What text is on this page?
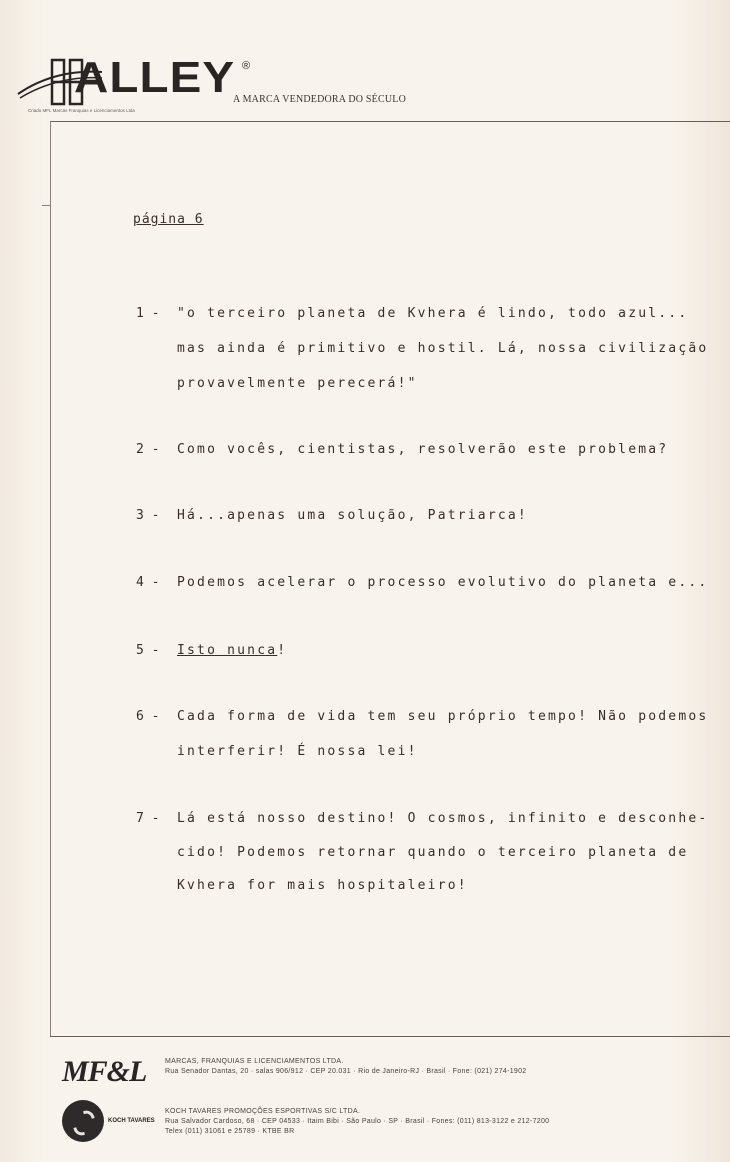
ALLEY ®
A MARCA VENDEDORA DO SÉCULO
Criado MFL Marcas Franquias e Licenciamentos Ltda
página 6
1 - "o terceiro planeta de Kvhera é lindo, todo azul...
mas ainda é primitivo e hostil. Lá, nossa civilização
provavelmente perecerá!"
2 - Como vocês, cientistas, resolverão este problema?
3 - Há...apenas uma solução, Patriarca!
4 - Podemos acelerar o processo evolutivo do planeta e...
5 - Isto nunca!
6 - Cada forma de vida tem seu próprio tempo! Não podemos
interferir! É nossa lei!
7 - Lá está nosso destino! O cosmos, infinito e desconhe-
cido! Podemos retornar quando o terceiro planeta de
Kvhera for mais hospitaleiro!
MF&L	MARCAS, FRANQUIAS E LICENCIAMENTOS LTDA.
Rua Senador Dantas, 20 · salas 906/912 · CEP 20.031 · Rio de Janeiro-RJ · Brasil · Fone: (021) 274-1902
KOCH TAVARES
KOCH TAVARES PROMOÇÕES ESPORTIVAS S/C LTDA.
Rua Salvador Cardoso, 68 · CEP 04533 · Itaim Bibi · São Paulo · SP · Brasil · Fones: (011) 813-3122 e 212-7200
Telex (011) 31061 e 25789 · KTBE BR
